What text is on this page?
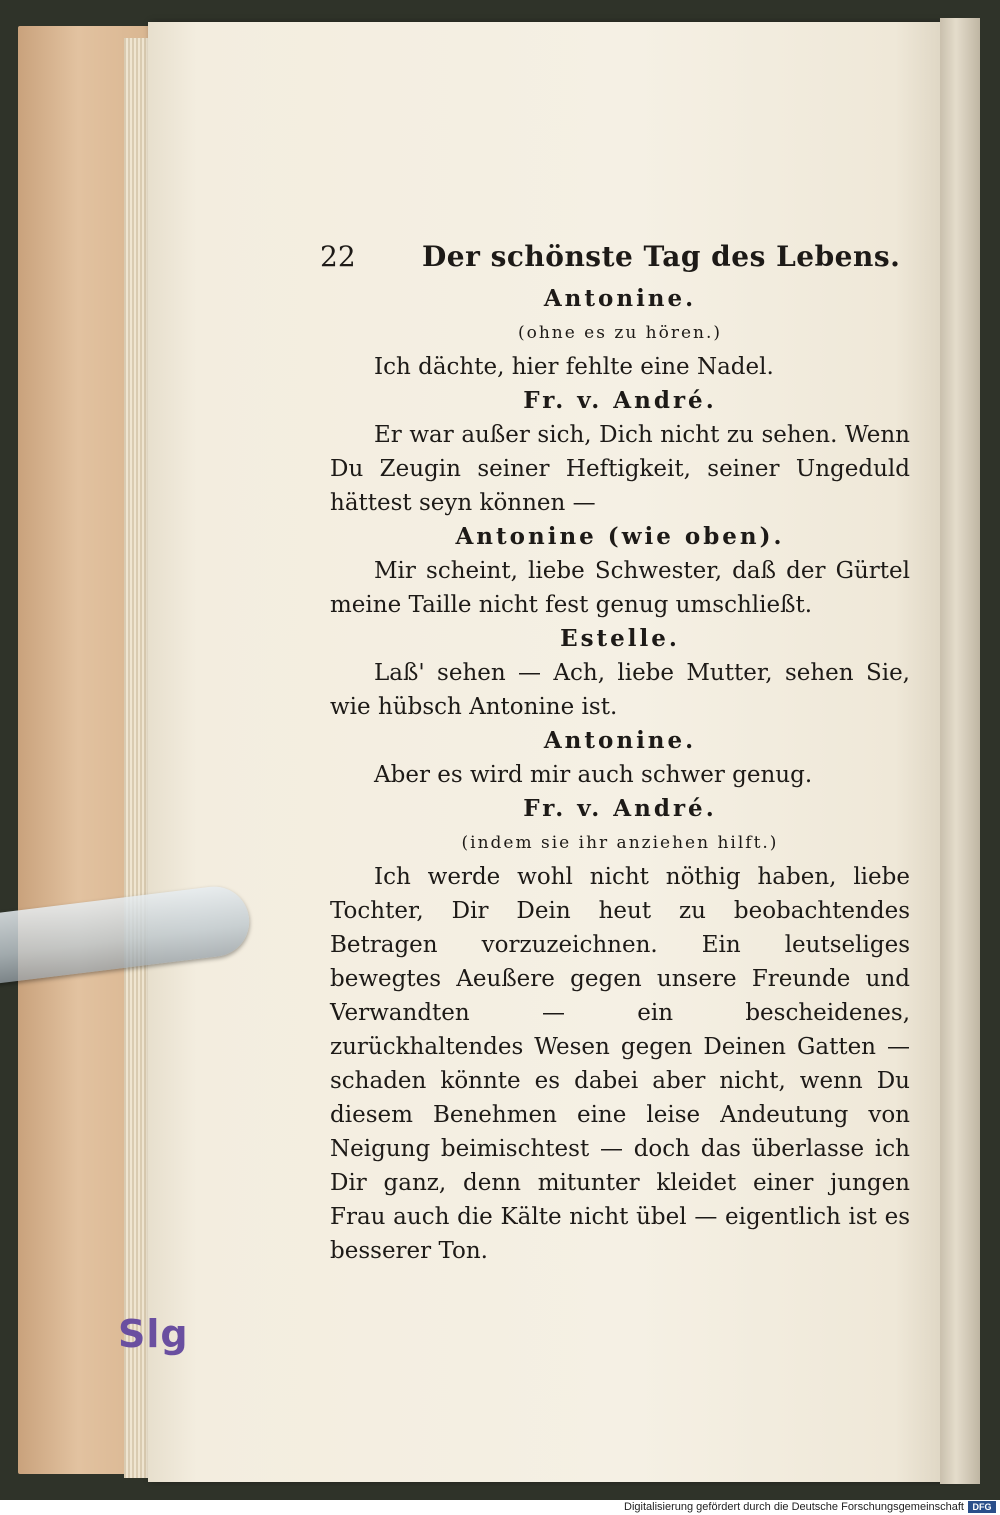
Slg
22 Der schönste Tag des Lebens.
Antonine.
(ohne es zu hören.)
Ich dächte, hier fehlte eine Nadel.
Fr. v. André.
Er war außer sich, Dich nicht zu sehen. Wenn Du Zeugin seiner Heftigkeit, seiner Ungeduld hättest seyn können —
Antonine (wie oben).
Mir scheint, liebe Schwester, daß der Gürtel meine Taille nicht fest genug umschließt.
Estelle.
Laß' sehen — Ach, liebe Mutter, sehen Sie, wie hübsch Antonine ist.
Antonine.
Aber es wird mir auch schwer genug.
Fr. v. André.
(indem sie ihr anziehen hilft.)
Ich werde wohl nicht nöthig haben, liebe Tochter, Dir Dein heut zu beobachtendes Betragen vorzuzeichnen. Ein leutseliges bewegtes Aeußere gegen unsere Freunde und Verwandten — ein bescheidenes, zurückhaltendes Wesen gegen Deinen Gatten — schaden könnte es dabei aber nicht, wenn Du diesem Benehmen eine leise Andeutung von Neigung beimischtest — doch das überlasse ich Dir ganz, denn mitunter kleidet einer jungen Frau auch die Kälte nicht übel — eigentlich ist es besserer Ton.
Digitalisierung gefördert durch die Deutsche Forschungsgemeinschaft DFG
